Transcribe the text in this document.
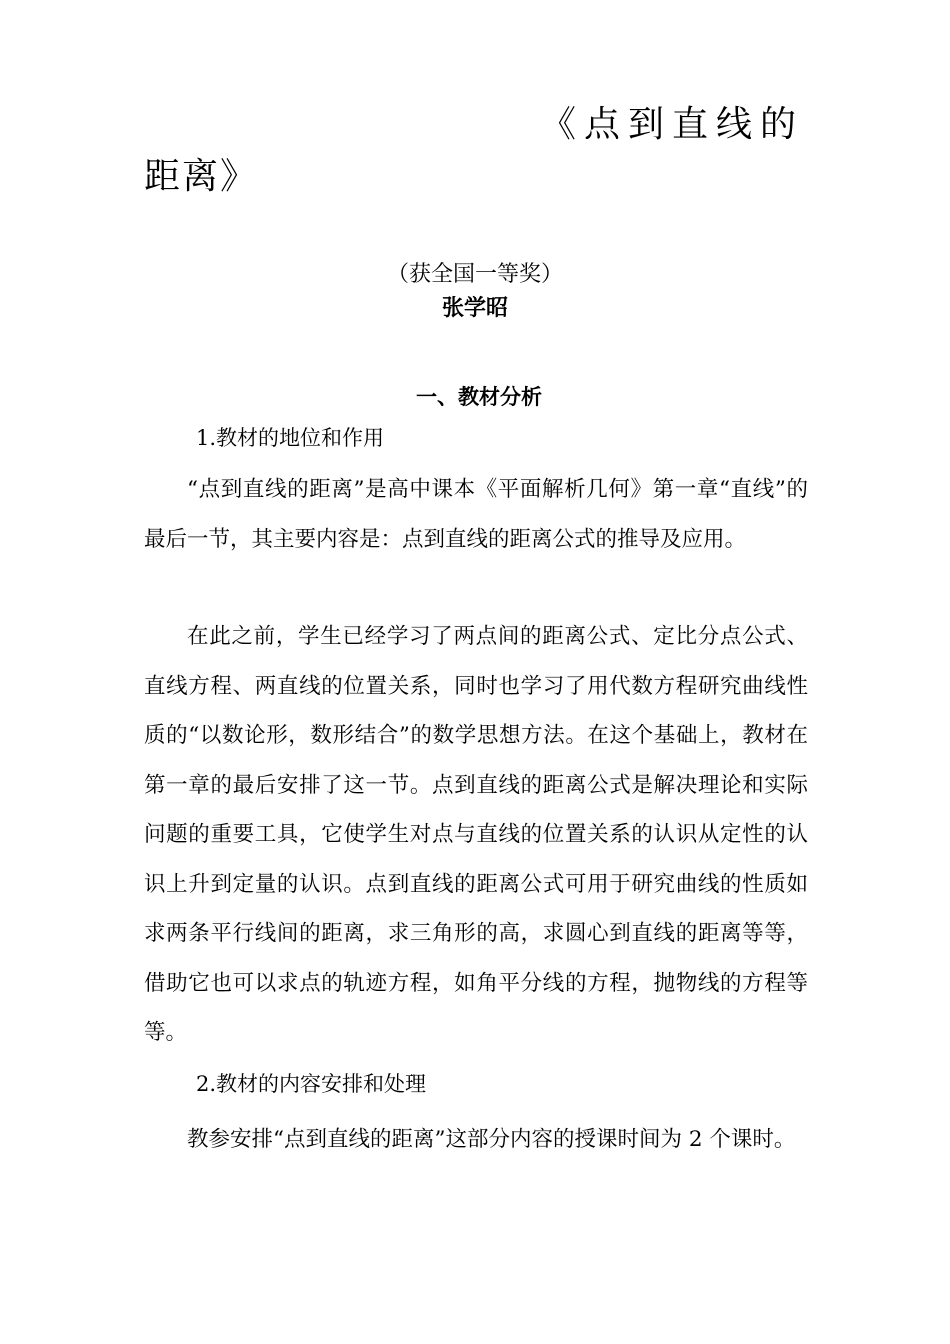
《点到直线的
距离》
（获全国一等奖）
张学昭
一、教材分析
1.教材的地位和作用

“点到直线的距离”是高中课本《平面解析几何》第一章“直线”的最后一节，其主要内容是：点到直线的距离公式的推导及应用。

在此之前，学生已经学习了两点间的距离公式、定比分点公式、直线方程、两直线的位置关系，同时也学习了用代数方程研究曲线性质的“以数论形，数形结合”的数学思想方法。在这个基础上，教材在第一章的最后安排了这一节。点到直线的距离公式是解决理论和实际问题的重要工具，它使学生对点与直线的位置关系的认识从定性的认识上升到定量的认识。点到直线的距离公式可用于研究曲线的性质如求两条平行线间的距离，求三角形的高，求圆心到直线的距离等等，借助它也可以求点的轨迹方程，如角平分线的方程，抛物线的方程等等。

2.教材的内容安排和处理

教参安排“点到直线的距离”这部分内容的授课时间为 2 个课时。
